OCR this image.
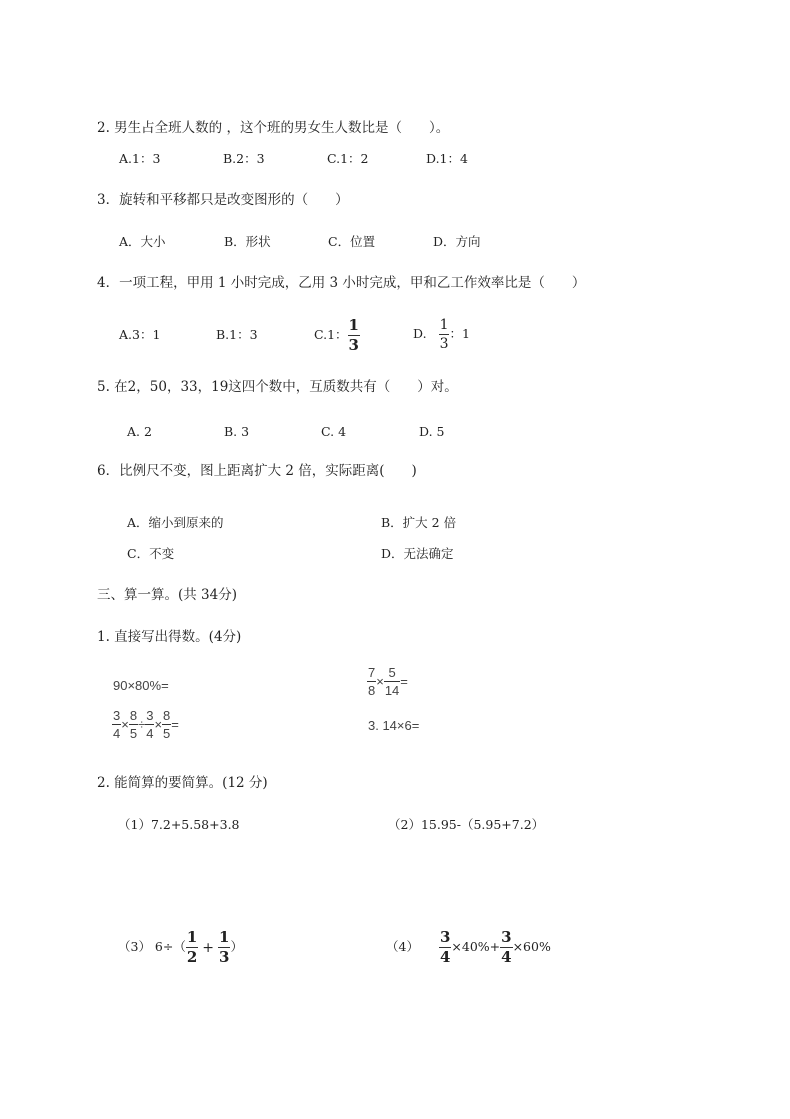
2. 男生占全班人数的 ，这个班的男女生人数比是（　　）。
A.1：3	B.2：3	C.1：2	D.1：4
3．旋转和平移都只是改变图形的（　　）
A．大小	B．形状	C．位置	D．方向
4．一项工程，甲用 1 小时完成，乙用 3 小时完成，甲和乙工作效率比是（　　）
A.3：1	B.1：3	C.1： $\frac{1}{3}$	D. $\frac{1}{3}$ ：1
5. 在2，50，33，19这四个数中，互质数共有（　　）对。
A. 2	B. 3	C. 4	D. 5
6．比例尺不变，图上距离扩大 2 倍，实际距离(　　)
A．缩小到原来的	B．扩大 2 倍
C．不变	D．无法确定
三、算一算。(共 34分)
1. 直接写出得数。(4分)
90×80%=	$\frac{7}{8} \times \frac{5}{14}$ =
$\frac{3}{4} \times \frac{8}{5} \div \frac{3}{4} \times \frac{8}{5}$ =	3. 14×6=
2. 能简算的要简算。(12 分)
（1）7.2+5.58+3.8	（2）15.95-（5.95+7.2）
（3） $6\div( \frac{1}{2} + \frac{1}{3}$ ）	$(4) \frac{3}{4} \times 40\%+ \frac{3}{4} \times 60\%$
